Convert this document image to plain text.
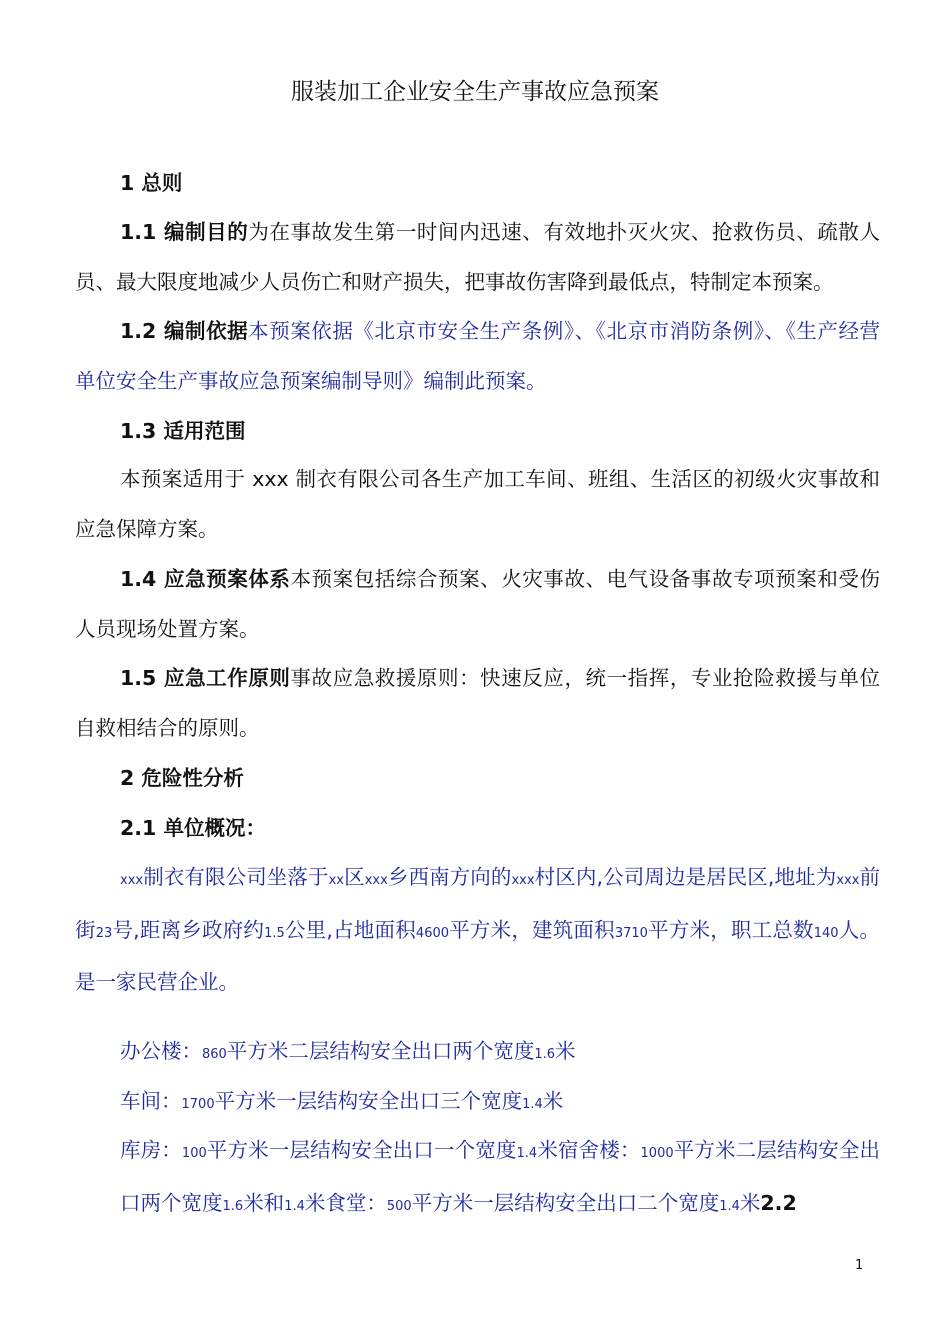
服装加工企业安全生产事故应急预案

1 总则

1.1 编制目的为在事故发生第一时间内迅速、有效地扑灭火灾、抢救伤员、疏散人员、最大限度地减少人员伤亡和财产损失，把事故伤害降到最低点，特制定本预案。

1.2 编制依据本预案依据《北京市安全生产条例》、《北京市消防条例》、《生产经营单位安全生产事故应急预案编制导则》编制此预案。

1.3 适用范围

本预案适用于 xxx 制衣有限公司各生产加工车间、班组、生活区的初级火灾事故和应急保障方案。

1.4 应急预案体系本预案包括综合预案、火灾事故、电气设备事故专项预案和受伤人员现场处置方案。

1.5 应急工作原则事故应急救援原则：快速反应，统一指挥，专业抢险救援与单位自救相结合的原则。

2 危险性分析

2.1 单位概况：

xxx制衣有限公司坐落于xx区xxx乡西南方向的xxx村区内,公司周边是居民区,地址为xxx前街23号,距离乡政府约1.5公里,占地面积4600平方米，建筑面积3710平方米，职工总数140人。是一家民营企业。

办公楼：860平方米二层结构安全出口两个宽度1.6米

车间：1700平方米一层结构安全出口三个宽度1.4米

库房：100平方米一层结构安全出口一个宽度1.4米宿舍楼：1000平方米二层结构安全出口两个宽度1.6米和1.4米食堂：500平方米一层结构安全出口二个宽度1.4米2.2

1
